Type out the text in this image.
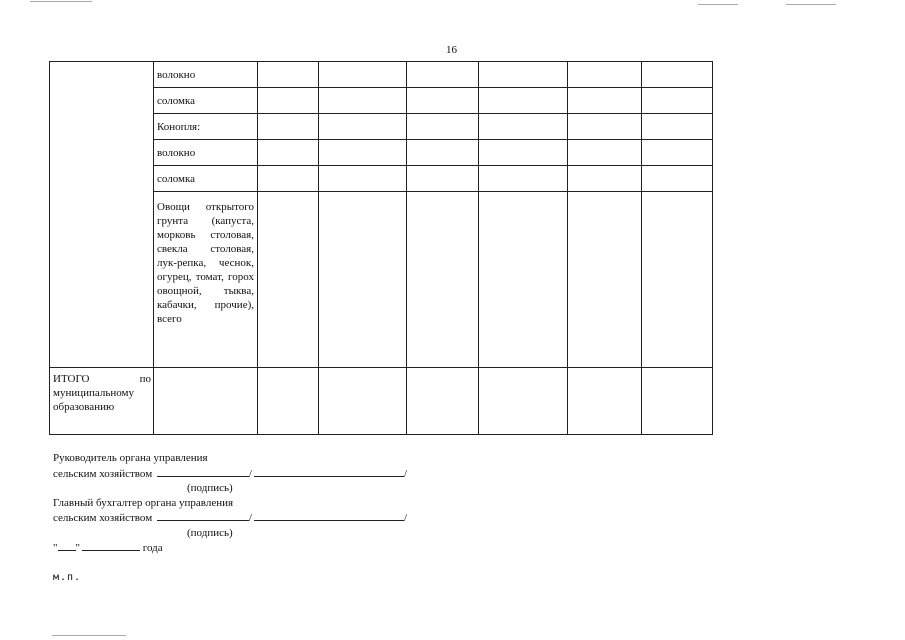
16
	волокно						
	соломка						
	Конопля:						
	волокно						
	соломка						
	Овощи открытого грунта (капуста, морковь столовая, свекла столовая, лук-репка, чеснок, огурец, томат, горох овощной, тыква, кабачки, прочие), всего						

ИТОГО по
муниципальному образованию							

Руководитель органа управления
сельским хозяйством	/	/
(подпись)
Главный бухгалтер органа управления
сельским хозяйством	/	/
(подпись)
" "	года
м.п.
